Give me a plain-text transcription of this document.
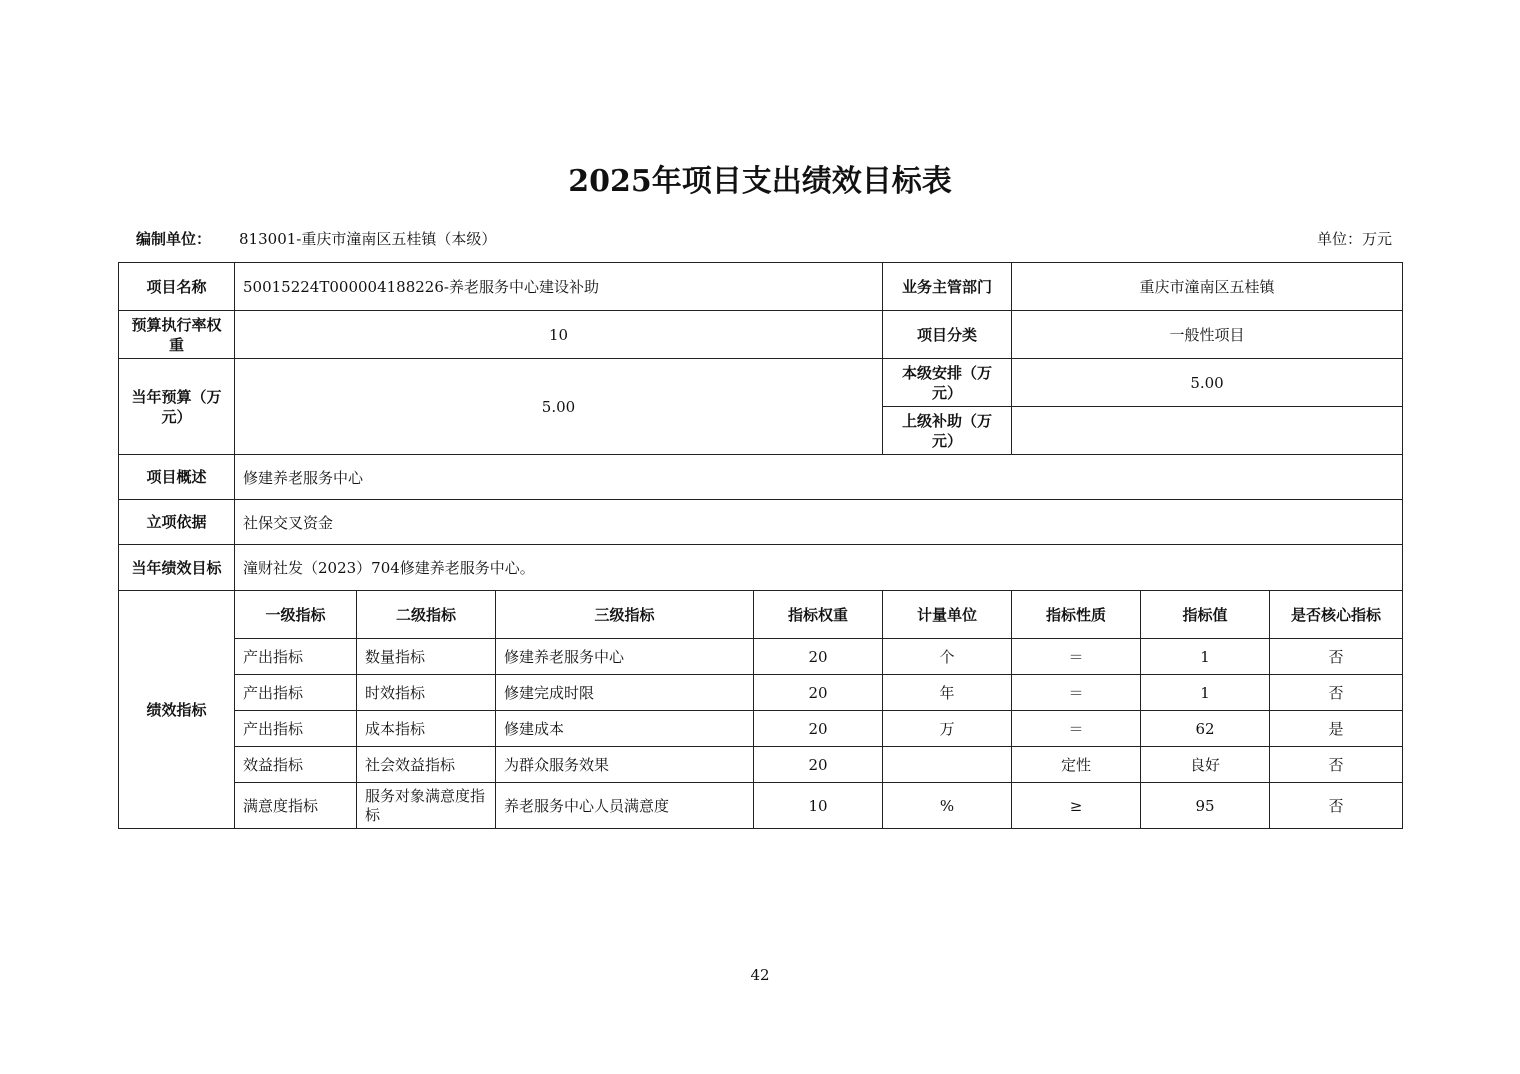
2025年项目支出绩效目标表
编制单位： 813001-重庆市潼南区五桂镇（本级）	单位：万元
项目名称	50015224T000004188226-养老服务中心建设补助				业务主管部门	重庆市潼南区五桂镇		
预算执行率权重	10				项目分类	一般性项目		
当年预算（万元）	5.00				本级安排（万元）	5.00		
					上级补助（万元）			
项目概述	修建养老服务中心							
立项依据	社保交叉资金							
当年绩效目标	潼财社发（2023）704修建养老服务中心。							
绩效指标	一级指标	二级指标	三级指标	指标权重	计量单位	指标性质	指标值	是否核心指标
	产出指标	数量指标	修建养老服务中心	20	个	＝	1	否
	产出指标	时效指标	修建完成时限	20	年	＝	1	否
	产出指标	成本指标	修建成本	20	万	＝	62	是
	效益指标	社会效益指标	为群众服务效果	20		定性	良好	否
	满意度指标	服务对象满意度指标	养老服务中心人员满意度	10	%	≥	95	否
42
